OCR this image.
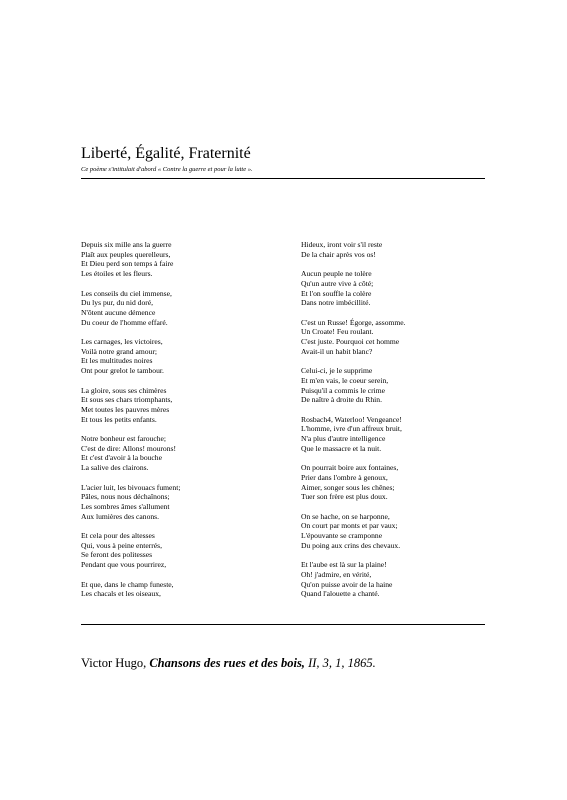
Liberté, Égalité, Fraternité
Ce poème s'intitulait d'abord « Contre la guerre et pour la lutte ».
Depuis six mille ans la guerre
Plaît aux peuples querelleurs,
Et Dieu perd son temps à faire
Les étoiles et les fleurs.
Les conseils du ciel immense,
Du lys pur, du nid doré,
N'ôtent aucune démence
Du coeur de l'homme effaré.
Les carnages, les victoires,
Voilà notre grand amour;
Et les multitudes noires
Ont pour grelot le tambour.
La gloire, sous ses chimères
Et sous ses chars triomphants,
Met toutes les pauvres mères
Et tous les petits enfants.
Notre bonheur est farouche;
C'est de dire: Allons! mourons!
Et c'est d'avoir à la bouche
La salive des clairons.
L'acier luit, les bivouacs fument;
Pâles, nous nous déchaînons;
Les sombres âmes s'allument
Aux lumières des canons.
Et cela pour des altesses
Qui, vous à peine enterrés,
Se feront des politesses
Pendant que vous pourrirez,
Et que, dans le champ funeste,
Les chacals et les oiseaux,
Hideux, iront voir s'il reste
De la chair après vos os!
Aucun peuple ne tolère
Qu'un autre vive à côté;
Et l'on souffle la colère
Dans notre imbécillité.
C'est un Russe! Égorge, assomme.
Un Croate! Feu roulant.
C'est juste. Pourquoi cet homme
Avait-il un habit blanc?
Celui-ci, je le supprime
Et m'en vais, le coeur serein,
Puisqu'il a commis le crime
De naître à droite du Rhin.
Rosbach4, Waterloo! Vengeance!
L'homme, ivre d'un affreux bruit,
N'a plus d'autre intelligence
Que le massacre et la nuit.
On pourrait boire aux fontaines,
Prier dans l'ombre à genoux,
Aimer, songer sous les chênes;
Tuer son frère est plus doux.
On se hache, on se harponne,
On court par monts et par vaux;
L'épouvante se cramponne
Du poing aux crins des chevaux.
Et l'aube est là sur la plaine!
Oh! j'admire, en vérité,
Qu'on puisse avoir de la haine
Quand l'alouette a chanté.
Victor Hugo, Chansons des rues et des bois, II, 3, 1, 1865.
